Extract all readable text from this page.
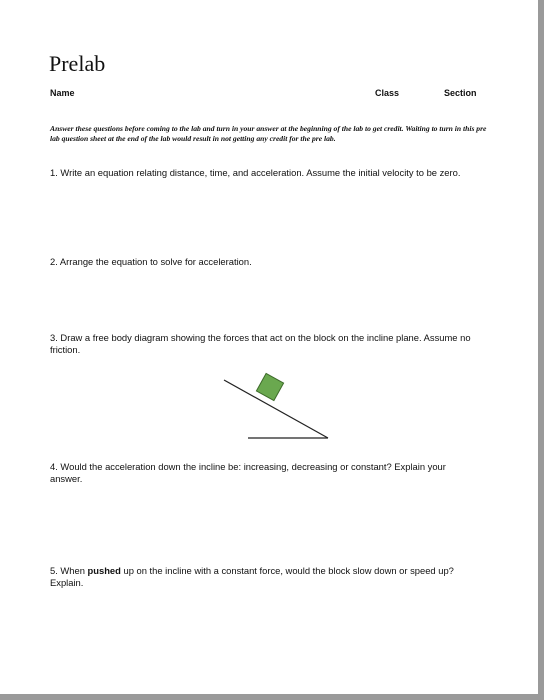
Prelab
Name	Class	Section

Answer these questions before coming to the lab and turn in your answer at the beginning of the lab to get credit. Waiting to turn in this pre lab question sheet at the end of the lab would result in not getting any credit for the pre lab.

1. Write an equation relating distance, time, and acceleration. Assume the initial velocity to be zero.

2. Arrange the equation to solve for acceleration.

3. Draw a free body diagram showing the forces that act on the block on the incline plane. Assume no friction.

4. Would the acceleration down the incline be: increasing, decreasing or constant? Explain your answer.

5. When pushed up on the incline with a constant force, would the block slow down or speed up? Explain.
